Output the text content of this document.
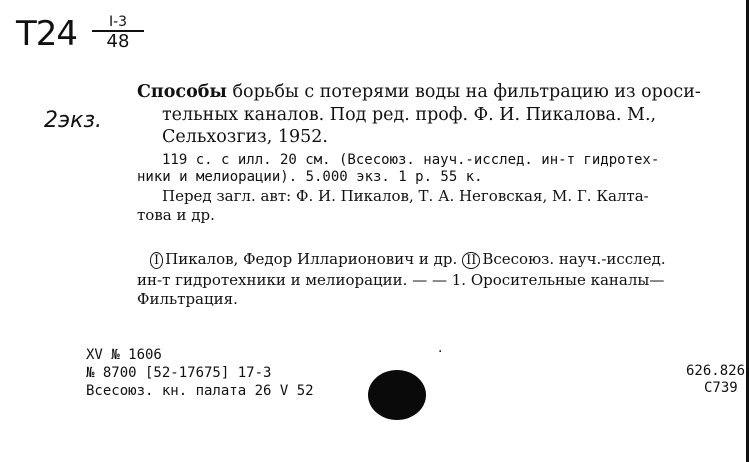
T24	I-3
48
2экз.
Способы борьбы с потерями воды на фильтрацию из ороси-
тельных каналов. Под ред. проф. Ф. И. Пикалова. М.,
Сельхозгиз, 1952.
119 с. с илл. 20 см. (Всесоюз. науч.-исслед. ин-т гидротех-
ники и мелиорации). 5.000 экз. 1 р. 55 к.
Перед загл. авт: Ф. И. Пикалов, Т. А. Неговская, М. Г. Калта-
това и др.
I Пикалов, Федор Илларионович и др. II Всесоюз. науч.-исслед.
ин-т гидротехники и мелиорации. — — 1. Оросительные каналы—
Фильтрация.
XV № 1606
№ 8700 [52-17675] 17-3
Всесоюз. кн. палата 26 V 52
626.826
С739
·
